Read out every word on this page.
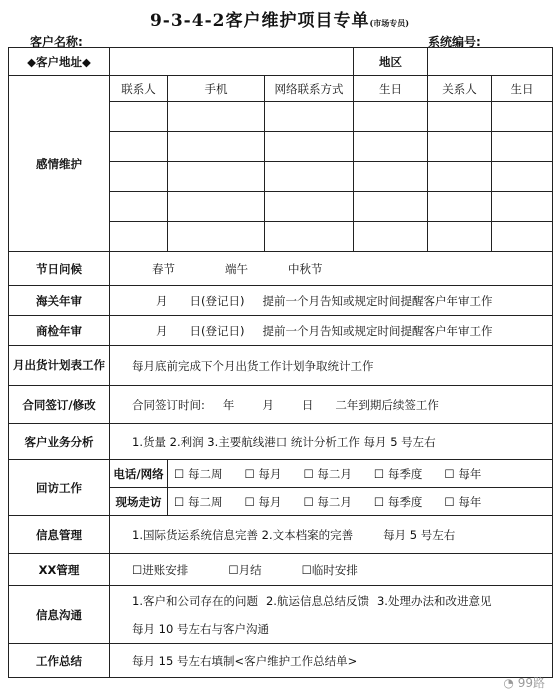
9-3-4-2客户维护项目专单(市场专员)
客户名称:	系统编号:
◆客户地址◆				地区		
感情维护	联系人	手机	网络联系方式	生日	关系人	生日

节日问候	春节 端午 中秋节					
海关年审	月 日(登记日) 提前一个月告知或规定时间提醒客户年审工作					
商检年审	月 日(登记日) 提前一个月告知或规定时间提醒客户年审工作					
月出货计划表工作	每月底前完成下个月出货工作计划争取统计工作					
合同签订/修改	合同签订时间: 年 月 日 二年到期后续签工作					
客户业务分析	1.货量 2.利润 3.主要航线港口 统计分析工作 每月 5 号左右					
回访工作	电话/网络	☐ 每二周 ☐ 每月 ☐ 每二月 ☐ 每季度 ☐ 每年				
	现场走访	☐ 每二周 ☐ 每月 ☐ 每二月 ☐ 每季度 ☐ 每年				
信息管理	1.国际货运系统信息完善 2.文本档案的完善 每月 5 号左右					
XX管理	☐进账安排 ☐月结 ☐临时安排					
信息沟通	1.客户和公司存在的问题 2.航运信息总结反馈 3.处理办法和改进意见					
	每月 10 号左右与客户沟通					
工作总结	每月 15 号左右填制<客户维护工作总结单>					
◔ 99路
